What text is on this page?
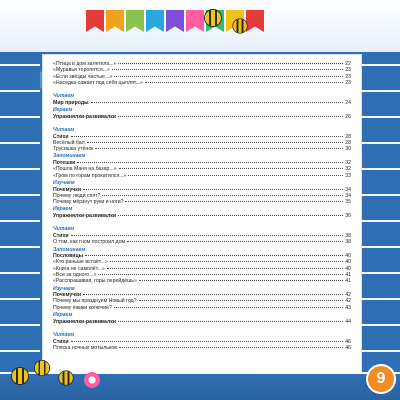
«Птица в дом залетела...»	22
«Муравьи торопятся...»	23
«Если звёзды частые...»	23
«Наседка сажает под себя цыплят...»	23
Читаем
Мир природы	24
Играем
Упражнялки-развивалки	26
Читаем
Стихи	28
Весёлый бал	28
Трусишка утёнок	30
Запоминаем
Потешки	32
«Пошла Маня на базар...»	32
«Гром по горам прокатился...»	33
Изучаем
Почемучки	34
Почему люди спят?	34
Почему мёрзнут руки и ноги?	35
Играем
Упражнялки-развивалки	36
Читаем
Стихи	38
О том, как гном построил дом	38
Запоминаем
Пословицы	40
«Кто раньше встаёт...»	40
«Книга не самолёт...»	40
«Все за одного...»	41
«Расспрашивая, горы перейдёшь»	41
Изучаем
Почемучки	42
Почему мы празднуем Новый год?	42
Почему ёжики колючие?	43
Играем
Упражнялки-развивалки	44
Читаем
Стихи	46
Пляска ночных мотыльков	46
9
